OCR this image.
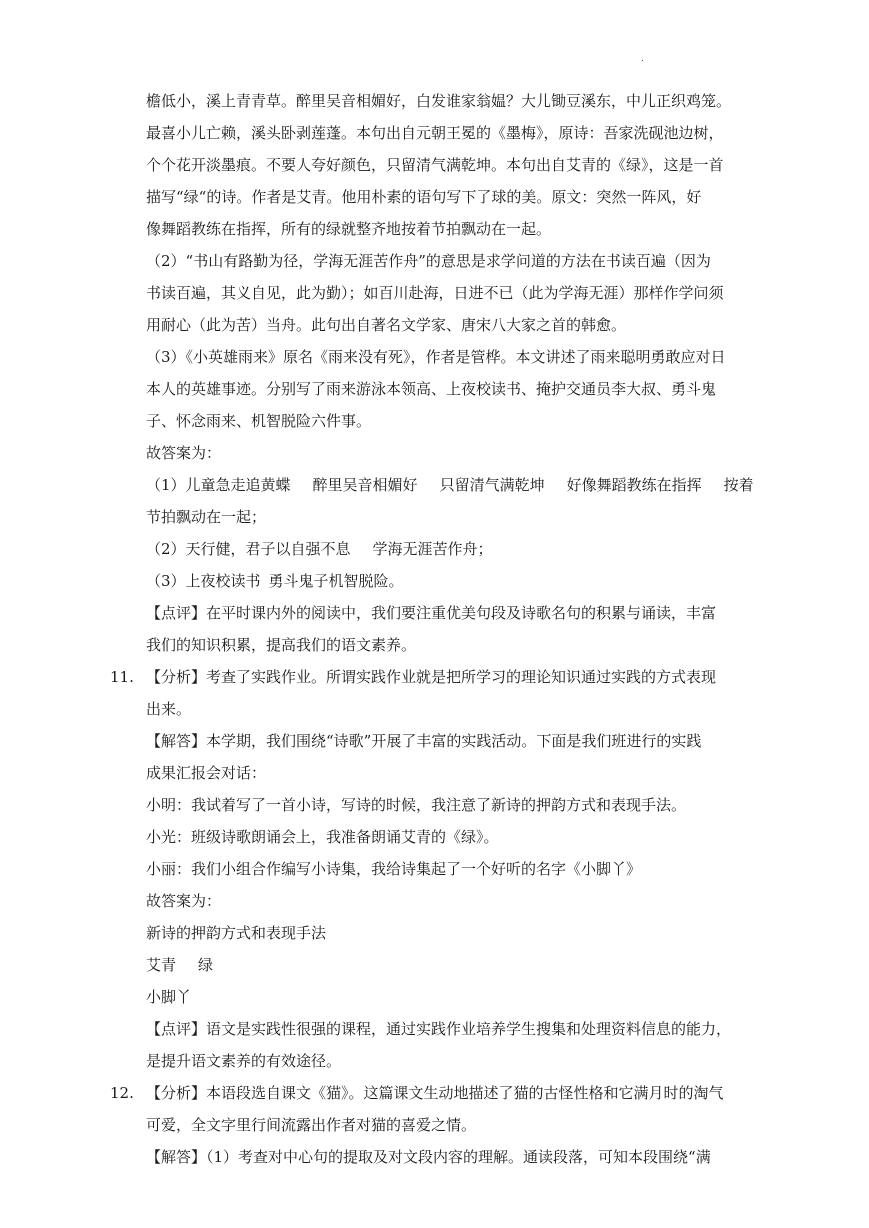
.
檐低小，溪上青青草。醉里吴音相媚好，白发谁家翁媪？大儿锄豆溪东，中儿正织鸡笼。
最喜小儿亡赖，溪头卧剥莲蓬。本句出自元朝王冕的《墨梅》，原诗：吾家洗砚池边树，
个个花开淡墨痕。不要人夸好颜色，只留清气满乾坤。本句出自艾青的《绿》，这是一首
描写“绿“的诗。作者是艾青。他用朴素的语句写下了球的美。原文：突然一阵风，好
像舞蹈教练在指挥，所有的绿就整齐地按着节拍飘动在一起。
（2）“书山有路勤为径，学海无涯苦作舟”的意思是求学问道的方法在书读百遍（因为
书读百遍，其义自见，此为勤）；如百川赴海，日进不已（此为学海无涯）那样作学问须
用耐心（此为苦）当舟。此句出自著名文学家、唐宋八大家之首的韩愈。
（3）《小英雄雨来》原名《雨来没有死》，作者是管桦。本文讲述了雨来聪明勇敢应对日
本人的英雄事迹。分别写了雨来游泳本领高、上夜校读书、掩护交通员李大叔、勇斗鬼
子、怀念雨来、机智脱险六件事。
故答案为：
（1）儿童急走追黄蝶 醉里吴音相媚好 只留清气满乾坤 好像舞蹈教练在指挥 按着
节拍飘动在一起；
（2）天行健，君子以自强不息 学海无涯苦作舟；
（3）上夜校读书 勇斗鬼子机智脱险。
【点评】在平时课内外的阅读中，我们要注重优美句段及诗歌名句的积累与诵读，丰富
我们的知识积累，提高我们的语文素养。
11. 【分析】考查了实践作业。所谓实践作业就是把所学习的理论知识通过实践的方式表现
出来。
【解答】本学期，我们围绕“诗歌”开展了丰富的实践活动。下面是我们班进行的实践
成果汇报会对话：
小明：我试着写了一首小诗，写诗的时候，我注意了新诗的押韵方式和表现手法。
小光：班级诗歌朗诵会上，我准备朗诵艾青的《绿》。
小丽：我们小组合作编写小诗集，我给诗集起了一个好听的名字《小脚丫》
故答案为：
新诗的押韵方式和表现手法
艾青 绿
小脚丫
【点评】语文是实践性很强的课程，通过实践作业培养学生搜集和处理资料信息的能力，
是提升语文素养的有效途径。
12. 【分析】本语段选自课文《猫》。这篇课文生动地描述了猫的古怪性格和它满月时的淘气
可爱，全文字里行间流露出作者对猫的喜爱之情。
【解答】（1）考查对中心句的提取及对文段内容的理解。通读段落，可知本段围绕“满
